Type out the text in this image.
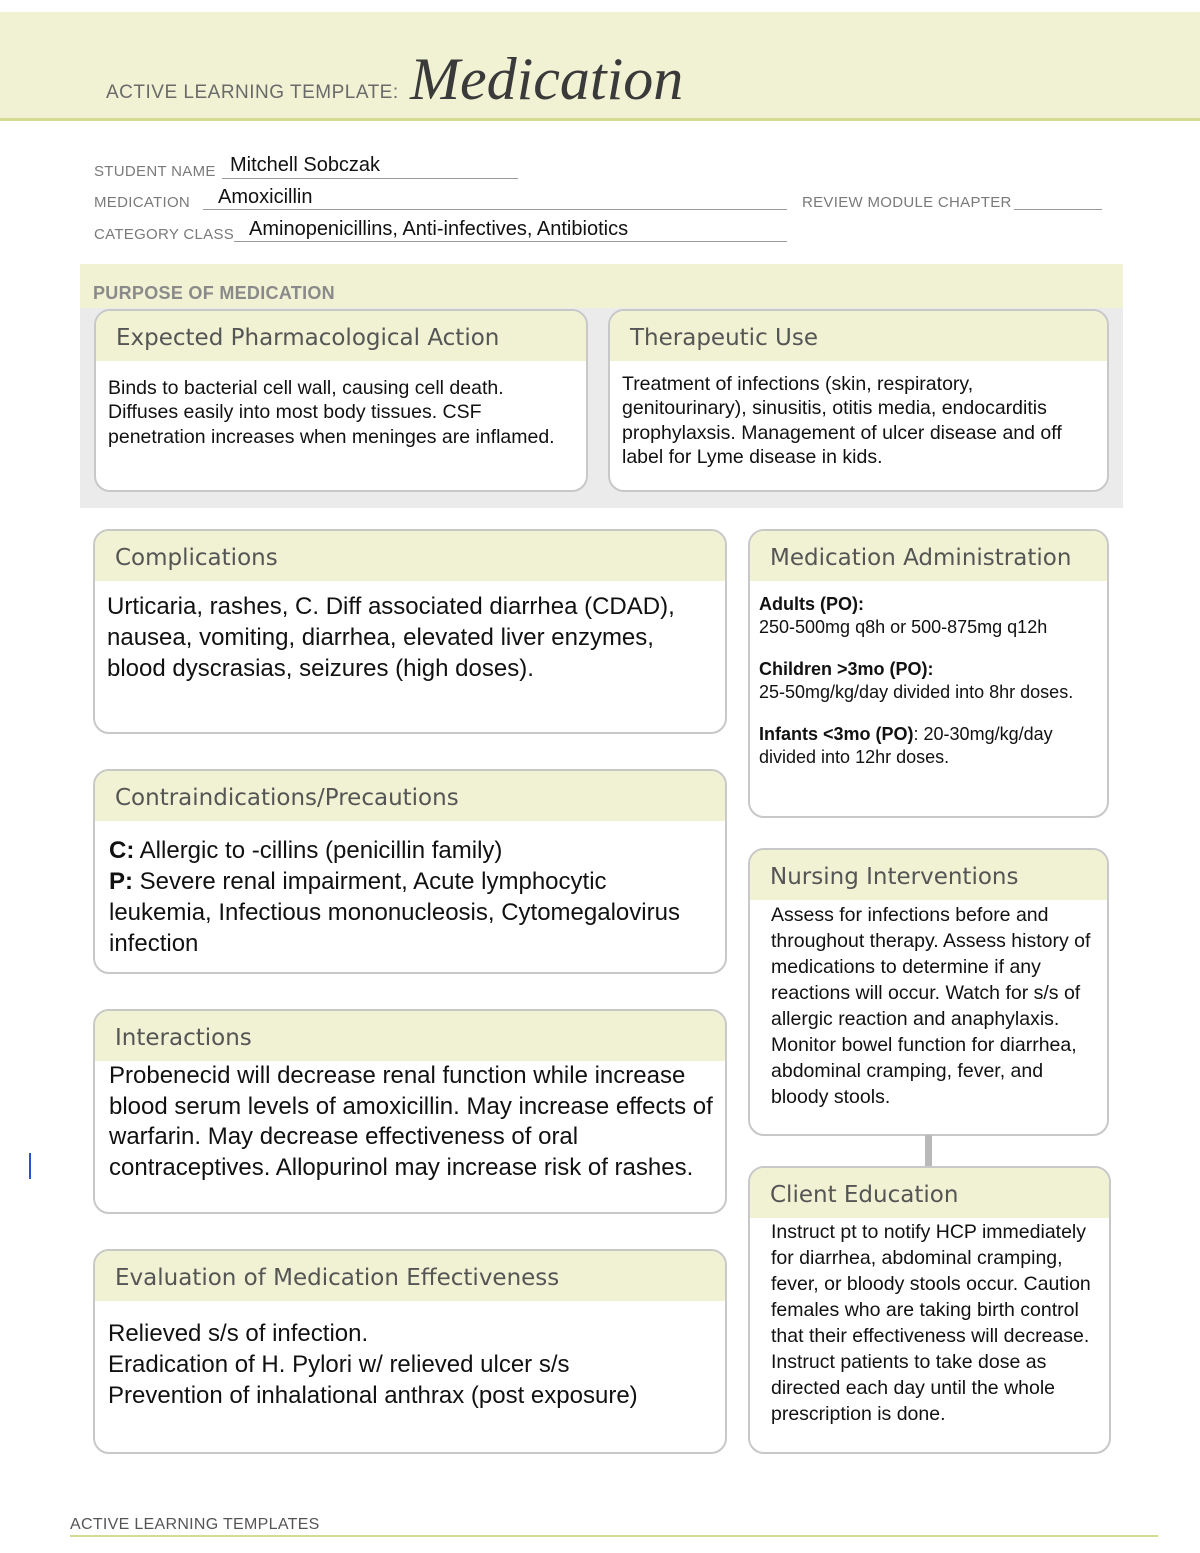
ACTIVE LEARNING TEMPLATE: Medication
STUDENT NAME Mitchell Sobczak
MEDICATION Amoxicillin	REVIEW MODULE CHAPTER
CATEGORY CLASS Aminopenicillins, Anti-infectives, Antibiotics
PURPOSE OF MEDICATION
Expected Pharmacological Action
Binds to bacterial cell wall, causing cell death. Diffuses easily into most body tissues. CSF penetration increases when meninges are inflamed.
Therapeutic Use
Treatment of infections (skin, respiratory, genitourinary), sinusitis, otitis media, endocarditis prophylaxsis. Management of ulcer disease and off label for Lyme disease in kids.
Complications
Urticaria, rashes, C. Diff associated diarrhea (CDAD), nausea, vomiting, diarrhea, elevated liver enzymes, blood dyscrasias, seizures (high doses).
Medication Administration

Adults (PO):
250-500mg q8h or 500-875mg q12h

Children >3mo (PO):
25-50mg/kg/day divided into 8hr doses.

Infants <3mo (PO): 20-30mg/kg/day divided into 12hr doses.

Contraindications/Precautions
C: Allergic to -cillins (penicillin family)
P: Severe renal impairment, Acute lymphocytic leukemia, Infectious mononucleosis, Cytomegalovirus infection
Nursing Interventions
Assess for infections before and throughout therapy. Assess history of medications to determine if any reactions will occur. Watch for s/s of allergic reaction and anaphylaxis. Monitor bowel function for diarrhea, abdominal cramping, fever, and bloody stools.
Interactions
Probenecid will decrease renal function while increase blood serum levels of amoxicillin. May increase effects of warfarin. May decrease effectiveness of oral contraceptives. Allopurinol may increase risk of rashes.
Client Education
Instruct pt to notify HCP immediately for diarrhea, abdominal cramping, fever, or bloody stools occur. Caution females who are taking birth control that their effectiveness will decrease. Instruct patients to take dose as directed each day until the whole prescription is done.
Evaluation of Medication Effectiveness
Relieved s/s of infection.
Eradication of H. Pylori w/ relieved ulcer s/s
Prevention of inhalational anthrax (post exposure)
ACTIVE LEARNING TEMPLATES
